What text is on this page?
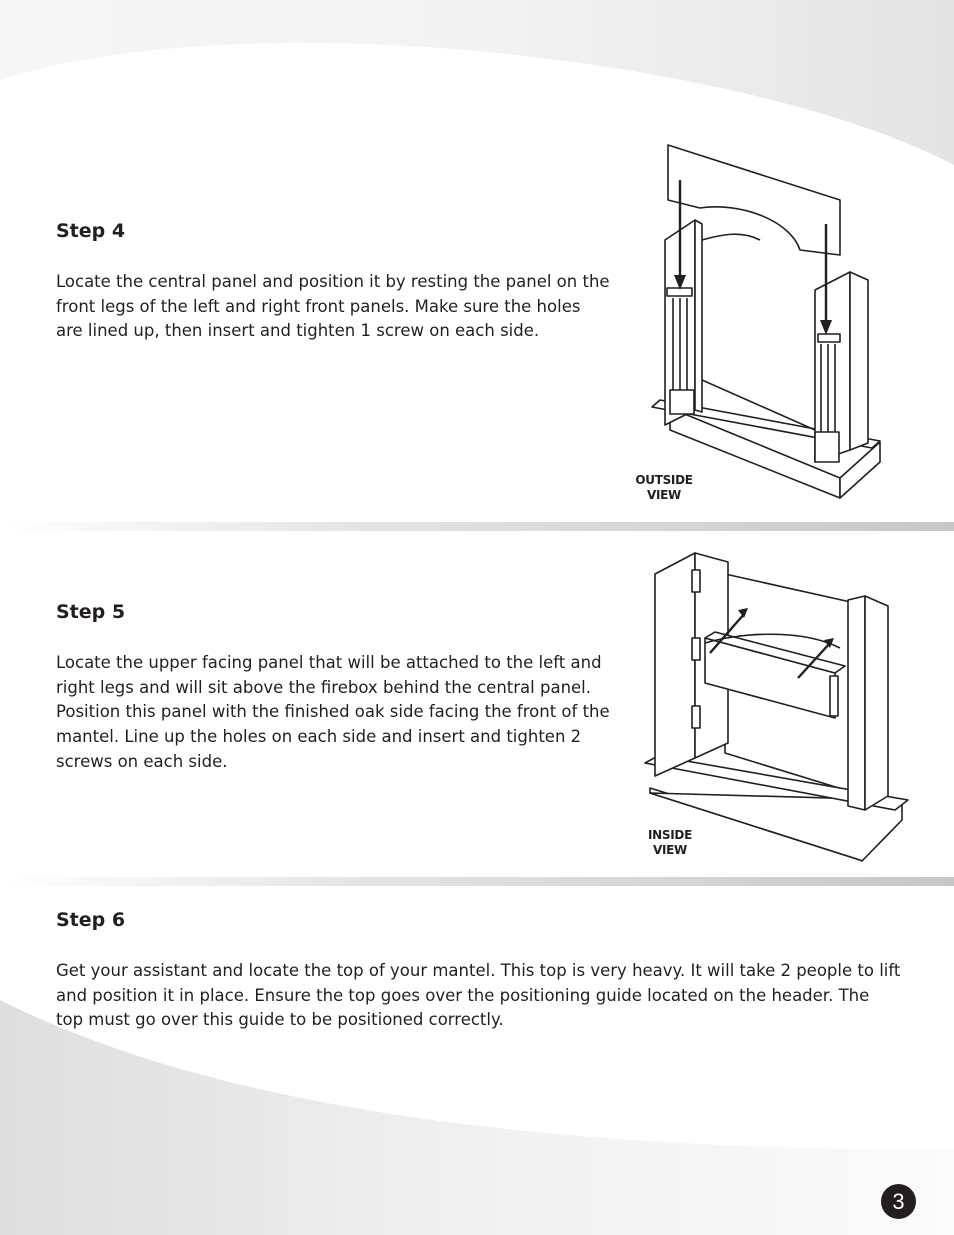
Step 4

Locate the central panel and position it by resting the panel on the front legs of the left and right front panels. Make sure the holes are lined up, then insert and tighten 1 screw on each side.

OUTSIDE
VIEW
Step 5

Locate the upper facing panel that will be attached to the left and right legs and will sit above the firebox behind the central panel. Position this panel with the finished oak side facing the front of the mantel. Line up the holes on each side and insert and tighten 2 screws on each side.

INSIDE
VIEW
Step 6

Get your assistant and locate the top of your mantel. This top is very heavy. It will take 2 people to lift and position it in place. Ensure the top goes over the positioning guide located on the header. The top must go over this guide to be positioned correctly.

3
